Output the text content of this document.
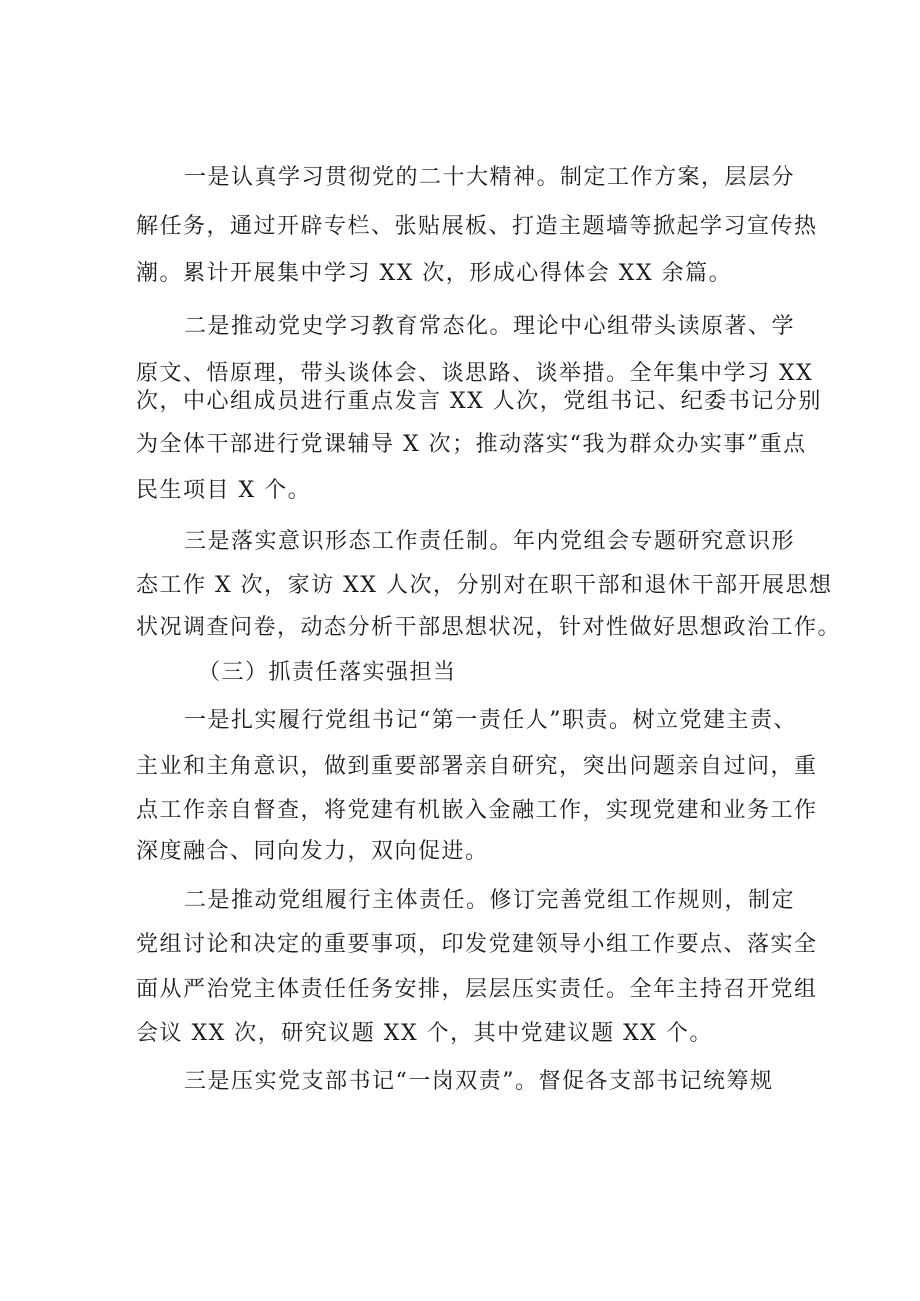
一是认真学习贯彻党的二十大精神。制定工作方案，层层分

解任务，通过开辟专栏、张贴展板、打造主题墙等掀起学习宣传热

潮。累计开展集中学习 XX 次，形成心得体会 XX 余篇。

二是推动党史学习教育常态化。理论中心组带头读原著、学

原文、悟原理，带头谈体会、谈思路、谈举措。全年集中学习 XX

次，中心组成员进行重点发言 XX 人次，党组书记、纪委书记分别

为全体干部进行党课辅导 X 次；推动落实“我为群众办实事”重点

民生项目 X 个。

三是落实意识形态工作责任制。年内党组会专题研究意识形

态工作 X 次，家访 XX 人次，分别对在职干部和退休干部开展思想

状况调查问卷，动态分析干部思想状况，针对性做好思想政治工作。

（三）抓责任落实强担当

一是扎实履行党组书记“第一责任人”职责。树立党建主责、

主业和主角意识，做到重要部署亲自研究，突出问题亲自过问，重

点工作亲自督查，将党建有机嵌入金融工作，实现党建和业务工作

深度融合、同向发力，双向促进。

二是推动党组履行主体责任。修订完善党组工作规则，制定

党组讨论和决定的重要事项，印发党建领导小组工作要点、落实全

面从严治党主体责任任务安排，层层压实责任。全年主持召开党组

会议 XX 次，研究议题 XX 个，其中党建议题 XX 个。

三是压实党支部书记“一岗双责”。督促各支部书记统筹规
